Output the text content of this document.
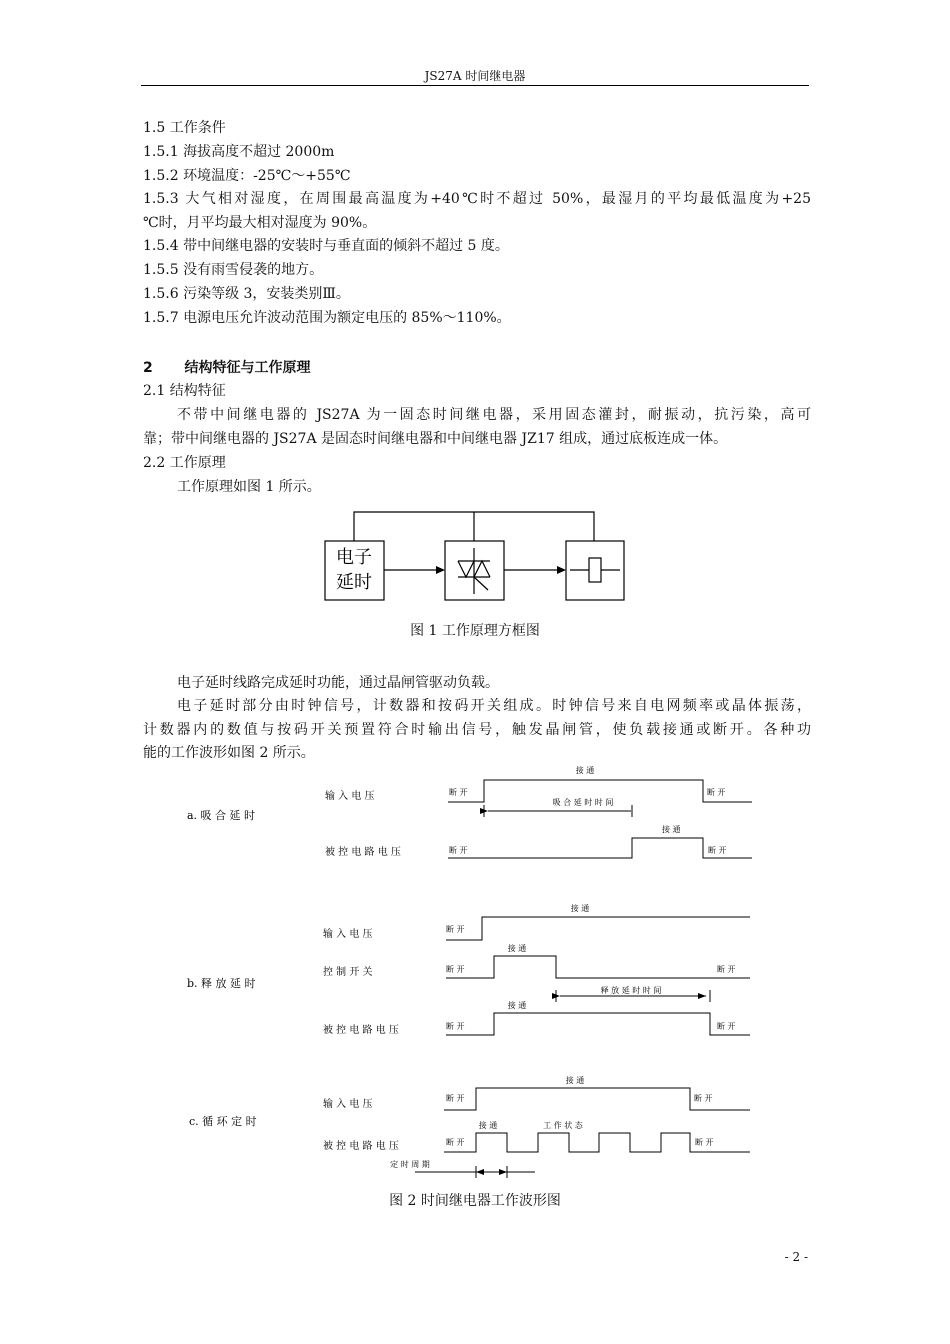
JS27A 时间继电器
1.5 工作条件
1.5.1 海拔高度不超过 2000m
1.5.2 环境温度：-25℃～+55℃
1.5.3 大气相对湿度，在周围最高温度为+40℃时不超过 50%，最湿月的平均最低温度为+25
℃时，月平均最大相对湿度为 90%。
1.5.4 带中间继电器的安装时与垂直面的倾斜不超过 5 度。
1.5.5 没有雨雪侵袭的地方。
1.5.6 污染等级 3，安装类别Ⅲ。
1.5.7 电源电压允许波动范围为额定电压的 85%～110%。
2 结构特征与工作原理
2.1 结构特征
不带中间继电器的 JS27A 为一固态时间继电器，采用固态灌封，耐振动，抗污染，高可
靠；带中间继电器的 JS27A 是固态时间继电器和中间继电器 JZ17 组成，通过底板连成一体。
2.2 工作原理
工作原理如图 1 所示。
电子
延时
图 1 工作原理方框图
电子延时线路完成延时功能，通过晶闸管驱动负载。
电子延时部分由时钟信号，计数器和按码开关组成。时钟信号来自电网频率或晶体振荡，
计数器内的数值与按码开关预置符合时输出信号，触发晶闸管，使负载接通或断开。各种功
能的工作波形如图 2 所示。
a. 吸 合 延 时
输 入 电 压
被 控 电 路 电 压
接 通
断 开	断 开
吸 合 延 时 时 间
接 通
断 开	断 开
b. 释 放 延 时
输 入 电 压
控 制 开 关
被 控 电 路 电 压
接 通
断 开
接 通
断 开	断 开
释 放 延 时 时 间
接 通
断 开	断 开
c. 循 环 定 时
输 入 电 压
被 控 电 路 电 压
接 通
断 开	断 开
接 通	工 作 状 态
断 开	断 开
定 时 周 期
图 2 时间继电器工作波形图
- 2 -
